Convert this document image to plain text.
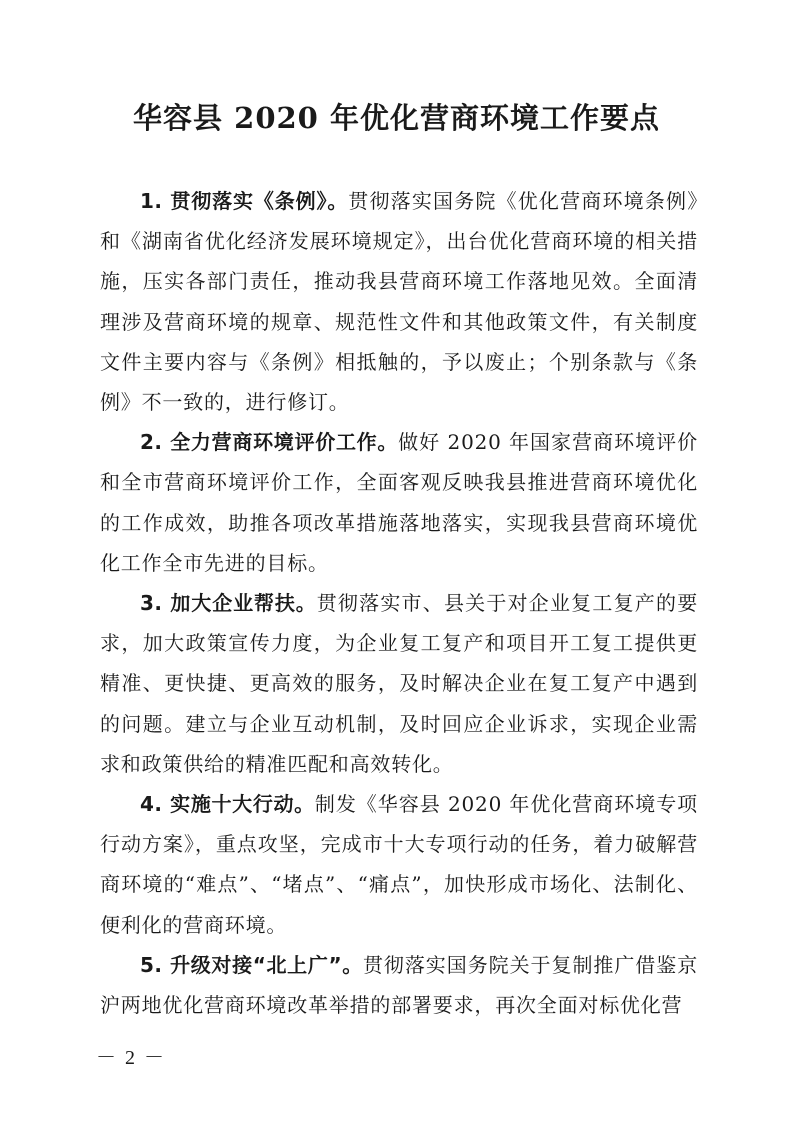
华容县 2020 年优化营商环境工作要点

1. 贯彻落实《条例》。贯彻落实国务院《优化营商环境条例》和《湖南省优化经济发展环境规定》，出台优化营商环境的相关措施，压实各部门责任，推动我县营商环境工作落地见效。全面清理涉及营商环境的规章、规范性文件和其他政策文件，有关制度文件主要内容与《条例》相抵触的，予以废止；个别条款与《条例》不一致的，进行修订。

2. 全力营商环境评价工作。做好 2020 年国家营商环境评价和全市营商环境评价工作，全面客观反映我县推进营商环境优化的工作成效，助推各项改革措施落地落实，实现我县营商环境优化工作全市先进的目标。

3. 加大企业帮扶。贯彻落实市、县关于对企业复工复产的要求，加大政策宣传力度，为企业复工复产和项目开工复工提供更精准、更快捷、更高效的服务，及时解决企业在复工复产中遇到的问题。建立与企业互动机制，及时回应企业诉求，实现企业需求和政策供给的精准匹配和高效转化。

4. 实施十大行动。制发《华容县 2020 年优化营商环境专项行动方案》，重点攻坚，完成市十大专项行动的任务，着力破解营商环境的“难点”、“堵点”、“痛点”，加快形成市场化、法制化、便利化的营商环境。

5. 升级对接“北上广”。贯彻落实国务院关于复制推广借鉴京沪两地优化营商环境改革举措的部署要求，再次全面对标优化营

－ 2 －
